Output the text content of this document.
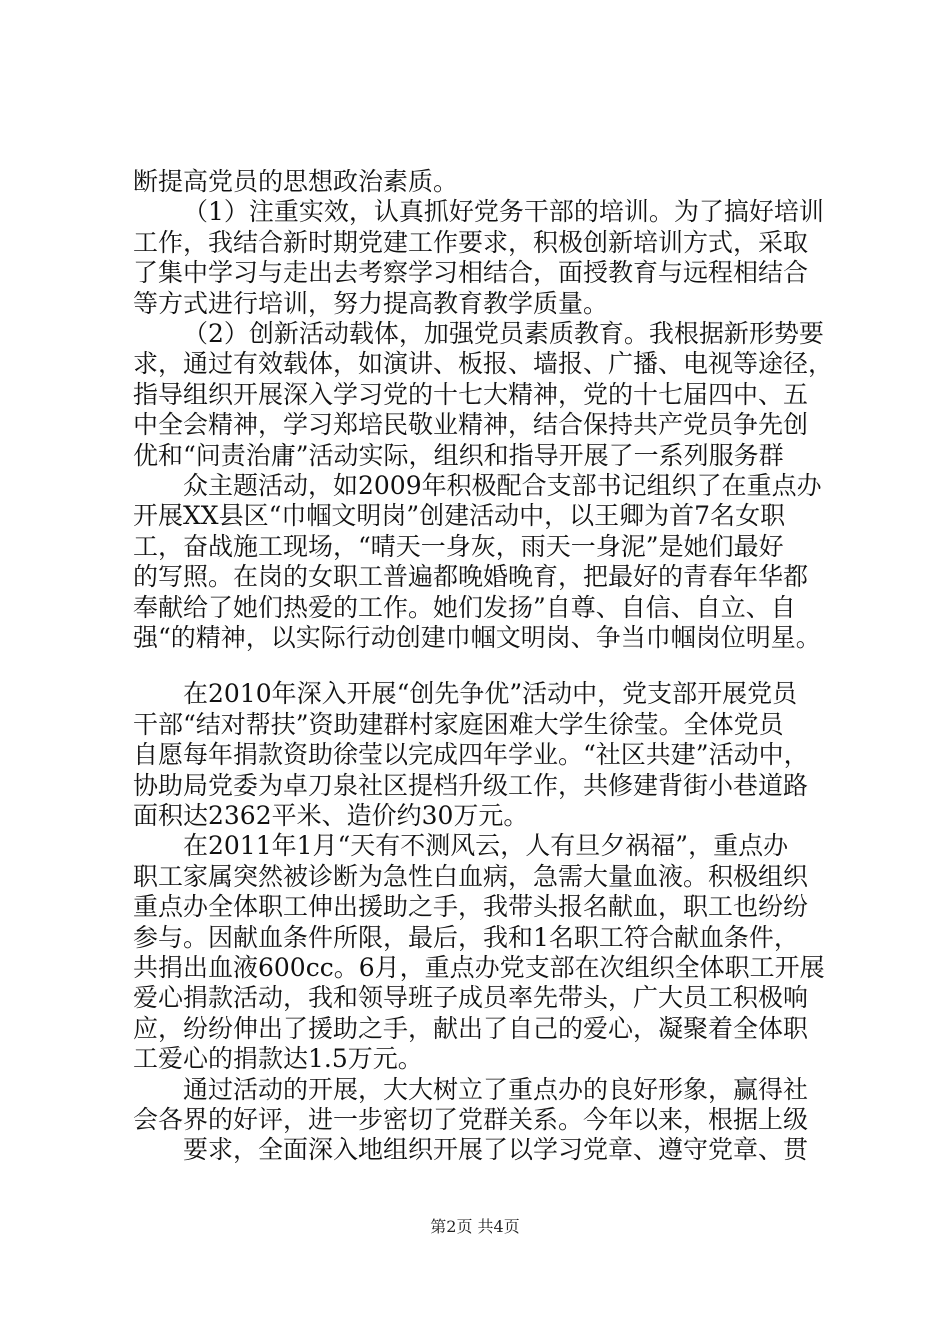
断提高党员的思想政治素质。
（1）注重实效，认真抓好党务干部的培训。为了搞好培训
工作，我结合新时期党建工作要求，积极创新培训方式，采取
了集中学习与走出去考察学习相结合，面授教育与远程相结合
等方式进行培训，努力提高教育教学质量。
（2）创新活动载体，加强党员素质教育。我根据新形势要
求，通过有效载体，如演讲、板报、墙报、广播、电视等途径，
指导组织开展深入学习党的十七大精神，党的十七届四中、五
中全会精神，学习郑培民敬业精神，结合保持共产党员争先创
优和“问责治庸”活动实际，组织和指导开展了一系列服务群
众主题活动，如2009年积极配合支部书记组织了在重点办
开展XX县区“巾帼文明岗”创建活动中，以王卿为首7名女职
工，奋战施工现场，“晴天一身灰，雨天一身泥”是她们最好
的写照。在岗的女职工普遍都晚婚晚育，把最好的青春年华都
奉献给了她们热爱的工作。她们发扬”自尊、自信、自立、自
强“的精神，以实际行动创建巾帼文明岗、争当巾帼岗位明星。
在2010年深入开展“创先争优”活动中，党支部开展党员
干部“结对帮扶”资助建群村家庭困难大学生徐莹。全体党员
自愿每年捐款资助徐莹以完成四年学业。“社区共建”活动中，
协助局党委为卓刀泉社区提档升级工作，共修建背街小巷道路
面积达2362平米、造价约30万元。
在2011年1月“天有不测风云，人有旦夕祸福”，重点办
职工家属突然被诊断为急性白血病，急需大量血液。积极组织
重点办全体职工伸出援助之手，我带头报名献血，职工也纷纷
参与。因献血条件所限，最后，我和1名职工符合献血条件，
共捐出血液600cc。6月，重点办党支部在次组织全体职工开展
爱心捐款活动，我和领导班子成员率先带头，广大员工积极响
应，纷纷伸出了援助之手，献出了自己的爱心，凝聚着全体职
工爱心的捐款达1.5万元。
通过活动的开展，大大树立了重点办的良好形象，赢得社
会各界的好评，进一步密切了党群关系。今年以来，根据上级
要求，全面深入地组织开展了以学习党章、遵守党章、贯
第2页 共4页
